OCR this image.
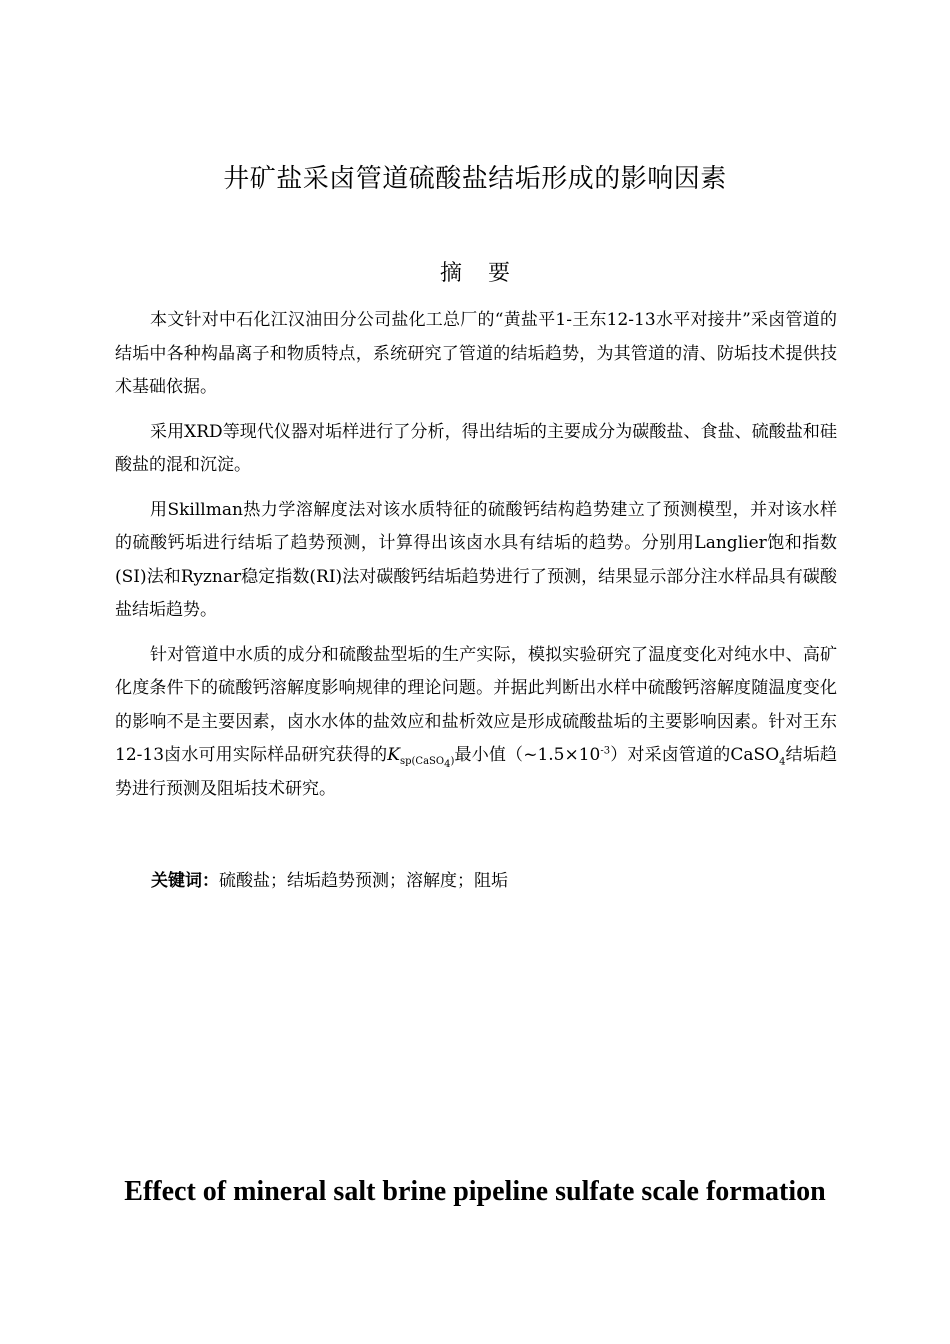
井矿盐采卤管道硫酸盐结垢形成的影响因素
摘要

本文针对中石化江汉油田分公司盐化工总厂的“黄盐平1-王东12-13水平对接井”采卤管道的结垢中各种构晶离子和物质特点，系统研究了管道的结垢趋势，为其管道的清、防垢技术提供技术基础依据。

采用XRD等现代仪器对垢样进行了分析，得出结垢的主要成分为碳酸盐、食盐、硫酸盐和硅酸盐的混和沉淀。

用Skillman热力学溶解度法对该水质特征的硫酸钙结构趋势建立了预测模型，并对该水样的硫酸钙垢进行结垢了趋势预测，计算得出该卤水具有结垢的趋势。分别用Langlier饱和指数(SI)法和Ryznar稳定指数(RI)法对碳酸钙结垢趋势进行了预测，结果显示部分注水样品具有碳酸盐结垢趋势。

针对管道中水质的成分和硫酸盐型垢的生产实际，模拟实验研究了温度变化对纯水中、高矿化度条件下的硫酸钙溶解度影响规律的理论问题。并据此判断出水样中硫酸钙溶解度随温度变化的影响不是主要因素，卤水水体的盐效应和盐析效应是形成硫酸盐垢的主要影响因素。针对王东12-13卤水可用实际样品研究获得的$K_{sp(CaSO_4)}$最小值$(\sim 1.5\times 10^{-3})$对采卤管道的CaSO$_4$结垢趋势进行预测及阻垢技术研究。

关键词：硫酸盐；结垢趋势预测；溶解度；阻垢
Effect of mineral salt brine pipeline sulfate scale formation
